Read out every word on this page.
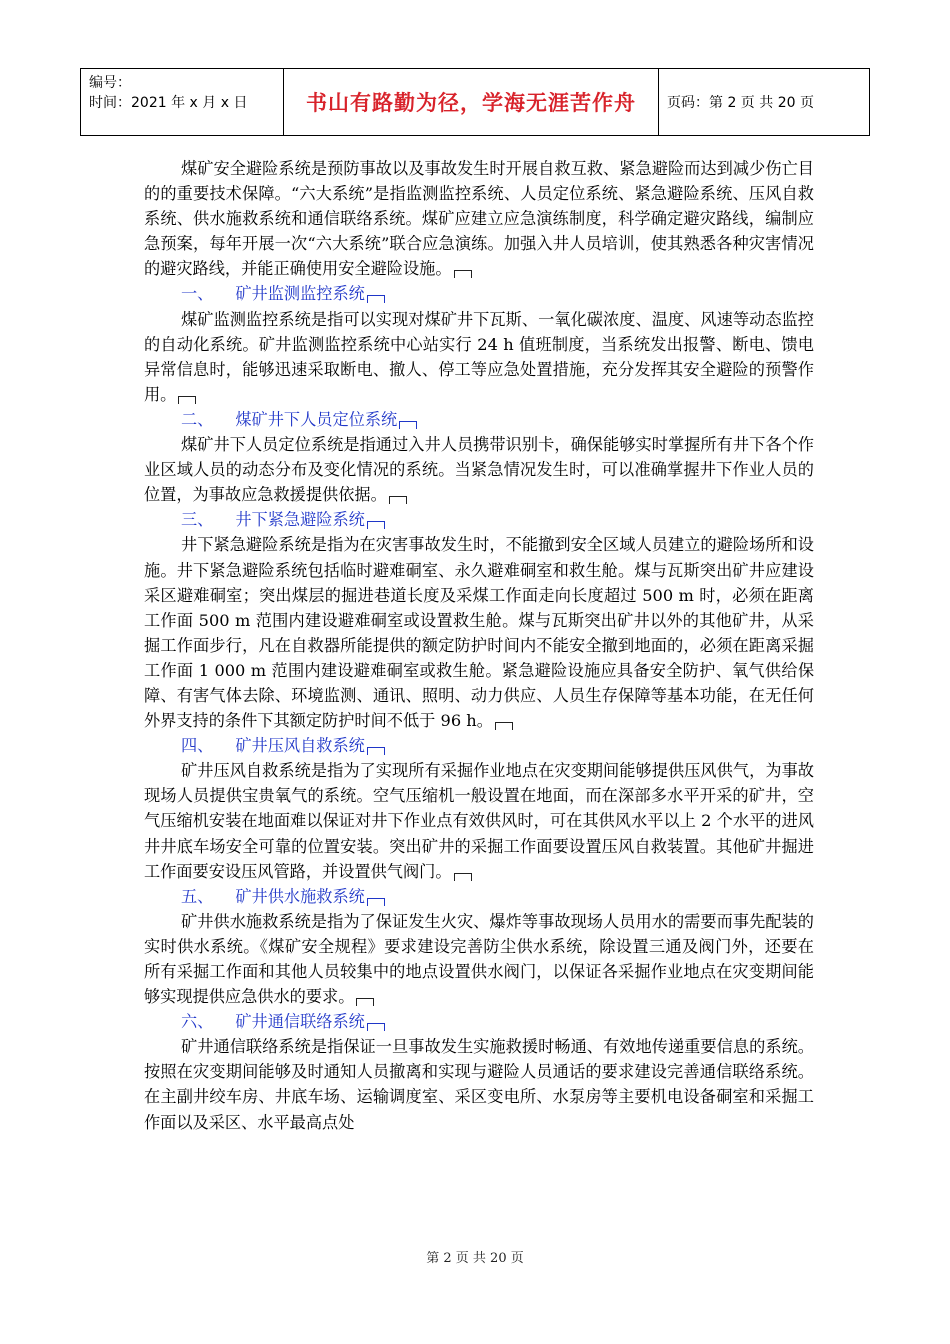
编号：
时间：2021 年 x 月 x 日	书山有路勤为径，学海无涯苦作舟	页码：第 2 页 共 20 页

煤矿安全避险系统是预防事故以及事故发生时开展自救互救、紧急避险而达到减少伤亡目的的重要技术保障。“六大系统”是指监测监控系统、人员定位系统、紧急避险系统、压风自救系统、供水施救系统和通信联络系统。煤矿应建立应急演练制度，科学确定避灾路线，编制应急预案，每年开展一次“六大系统”联合应急演练。加强入井人员培训，使其熟悉各种灾害情况的避灾路线，并能正确使用安全避险设施。

一、 矿井监测监控系统

煤矿监测监控系统是指可以实现对煤矿井下瓦斯、一氧化碳浓度、温度、风速等动态监控的自动化系统。矿井监测监控系统中心站实行 24 h 值班制度，当系统发出报警、断电、馈电异常信息时，能够迅速采取断电、撤人、停工等应急处置措施，充分发挥其安全避险的预警作用。

二、 煤矿井下人员定位系统

煤矿井下人员定位系统是指通过入井人员携带识别卡，确保能够实时掌握所有井下各个作业区域人员的动态分布及变化情况的系统。当紧急情况发生时，可以准确掌握井下作业人员的位置，为事故应急救援提供依据。

三、 井下紧急避险系统

井下紧急避险系统是指为在灾害事故发生时，不能撤到安全区域人员建立的避险场所和设施。井下紧急避险系统包括临时避难硐室、永久避难硐室和救生舱。煤与瓦斯突出矿井应建设采区避难硐室；突出煤层的掘进巷道长度及采煤工作面走向长度超过 500 m 时，必须在距离工作面 500 m 范围内建设避难硐室或设置救生舱。煤与瓦斯突出矿井以外的其他矿井，从采掘工作面步行，凡在自救器所能提供的额定防护时间内不能安全撤到地面的，必须在距离采掘工作面 1 000 m 范围内建设避难硐室或救生舱。紧急避险设施应具备安全防护、氧气供给保障、有害气体去除、环境监测、通讯、照明、动力供应、人员生存保障等基本功能，在无任何外界支持的条件下其额定防护时间不低于 96 h。

四、 矿井压风自救系统

矿井压风自救系统是指为了实现所有采掘作业地点在灾变期间能够提供压风供气，为事故现场人员提供宝贵氧气的系统。空气压缩机一般设置在地面，而在深部多水平开采的矿井，空气压缩机安装在地面难以保证对井下作业点有效供风时，可在其供风水平以上 2 个水平的进风井井底车场安全可靠的位置安装。突出矿井的采掘工作面要设置压风自救装置。其他矿井掘进工作面要安设压风管路，并设置供气阀门。

五、 矿井供水施救系统

矿井供水施救系统是指为了保证发生火灾、爆炸等事故现场人员用水的需要而事先配装的实时供水系统。《煤矿安全规程》要求建设完善防尘供水系统，除设置三通及阀门外，还要在所有采掘工作面和其他人员较集中的地点设置供水阀门，以保证各采掘作业地点在灾变期间能够实现提供应急供水的要求。

六、 矿井通信联络系统

矿井通信联络系统是指保证一旦事故发生实施救援时畅通、有效地传递重要信息的系统。按照在灾变期间能够及时通知人员撤离和实现与避险人员通话的要求建设完善通信联络系统。在主副井绞车房、井底车场、运输调度室、采区变电所、水泵房等主要机电设备硐室和采掘工作面以及采区、水平最高点处

第 2 页 共 20 页
